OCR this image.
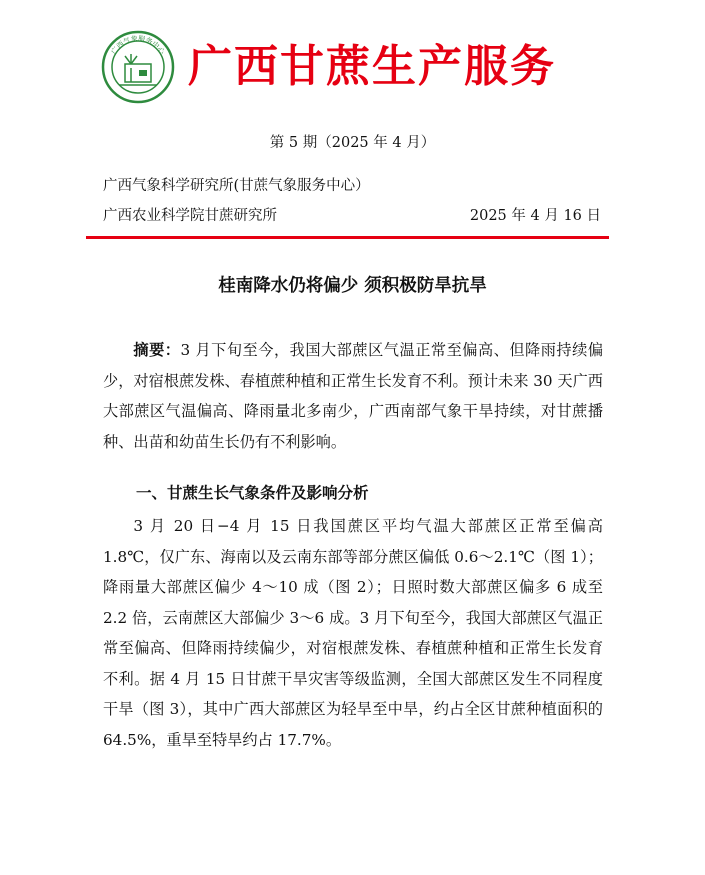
广西气象服务中心 广西甘蔗生产服务
第 5 期（2025 年 4 月）
广西气象科学研究所(甘蔗气象服务中心）
广西农业科学院甘蔗研究所	2025 年 4 月 16 日
桂南降水仍将偏少 须积极防旱抗旱

摘要：3 月下旬至今，我国大部蔗区气温正常至偏高、但降雨持续偏少，对宿根蔗发株、春植蔗种植和正常生长发育不利。预计未来 30 天广西大部蔗区气温偏高、降雨量北多南少，广西南部气象干旱持续，对甘蔗播种、出苗和幼苗生长仍有不利影响。

一、甘蔗生长气象条件及影响分析

3 月 20 日−4 月 15 日我国蔗区平均气温大部蔗区正常至偏高 1.8℃，仅广东、海南以及云南东部等部分蔗区偏低 0.6～2.1℃（图 1）；降雨量大部蔗区偏少 4～10 成（图 2）；日照时数大部蔗区偏多 6 成至 2.2 倍，云南蔗区大部偏少 3～6 成。3 月下旬至今，我国大部蔗区气温正常至偏高、但降雨持续偏少，对宿根蔗发株、春植蔗种植和正常生长发育不利。据 4 月 15 日甘蔗干旱灾害等级监测，全国大部蔗区发生不同程度干旱（图 3），其中广西大部蔗区为轻旱至中旱，约占全区甘蔗种植面积的 64.5%，重旱至特旱约占 17.7%。
